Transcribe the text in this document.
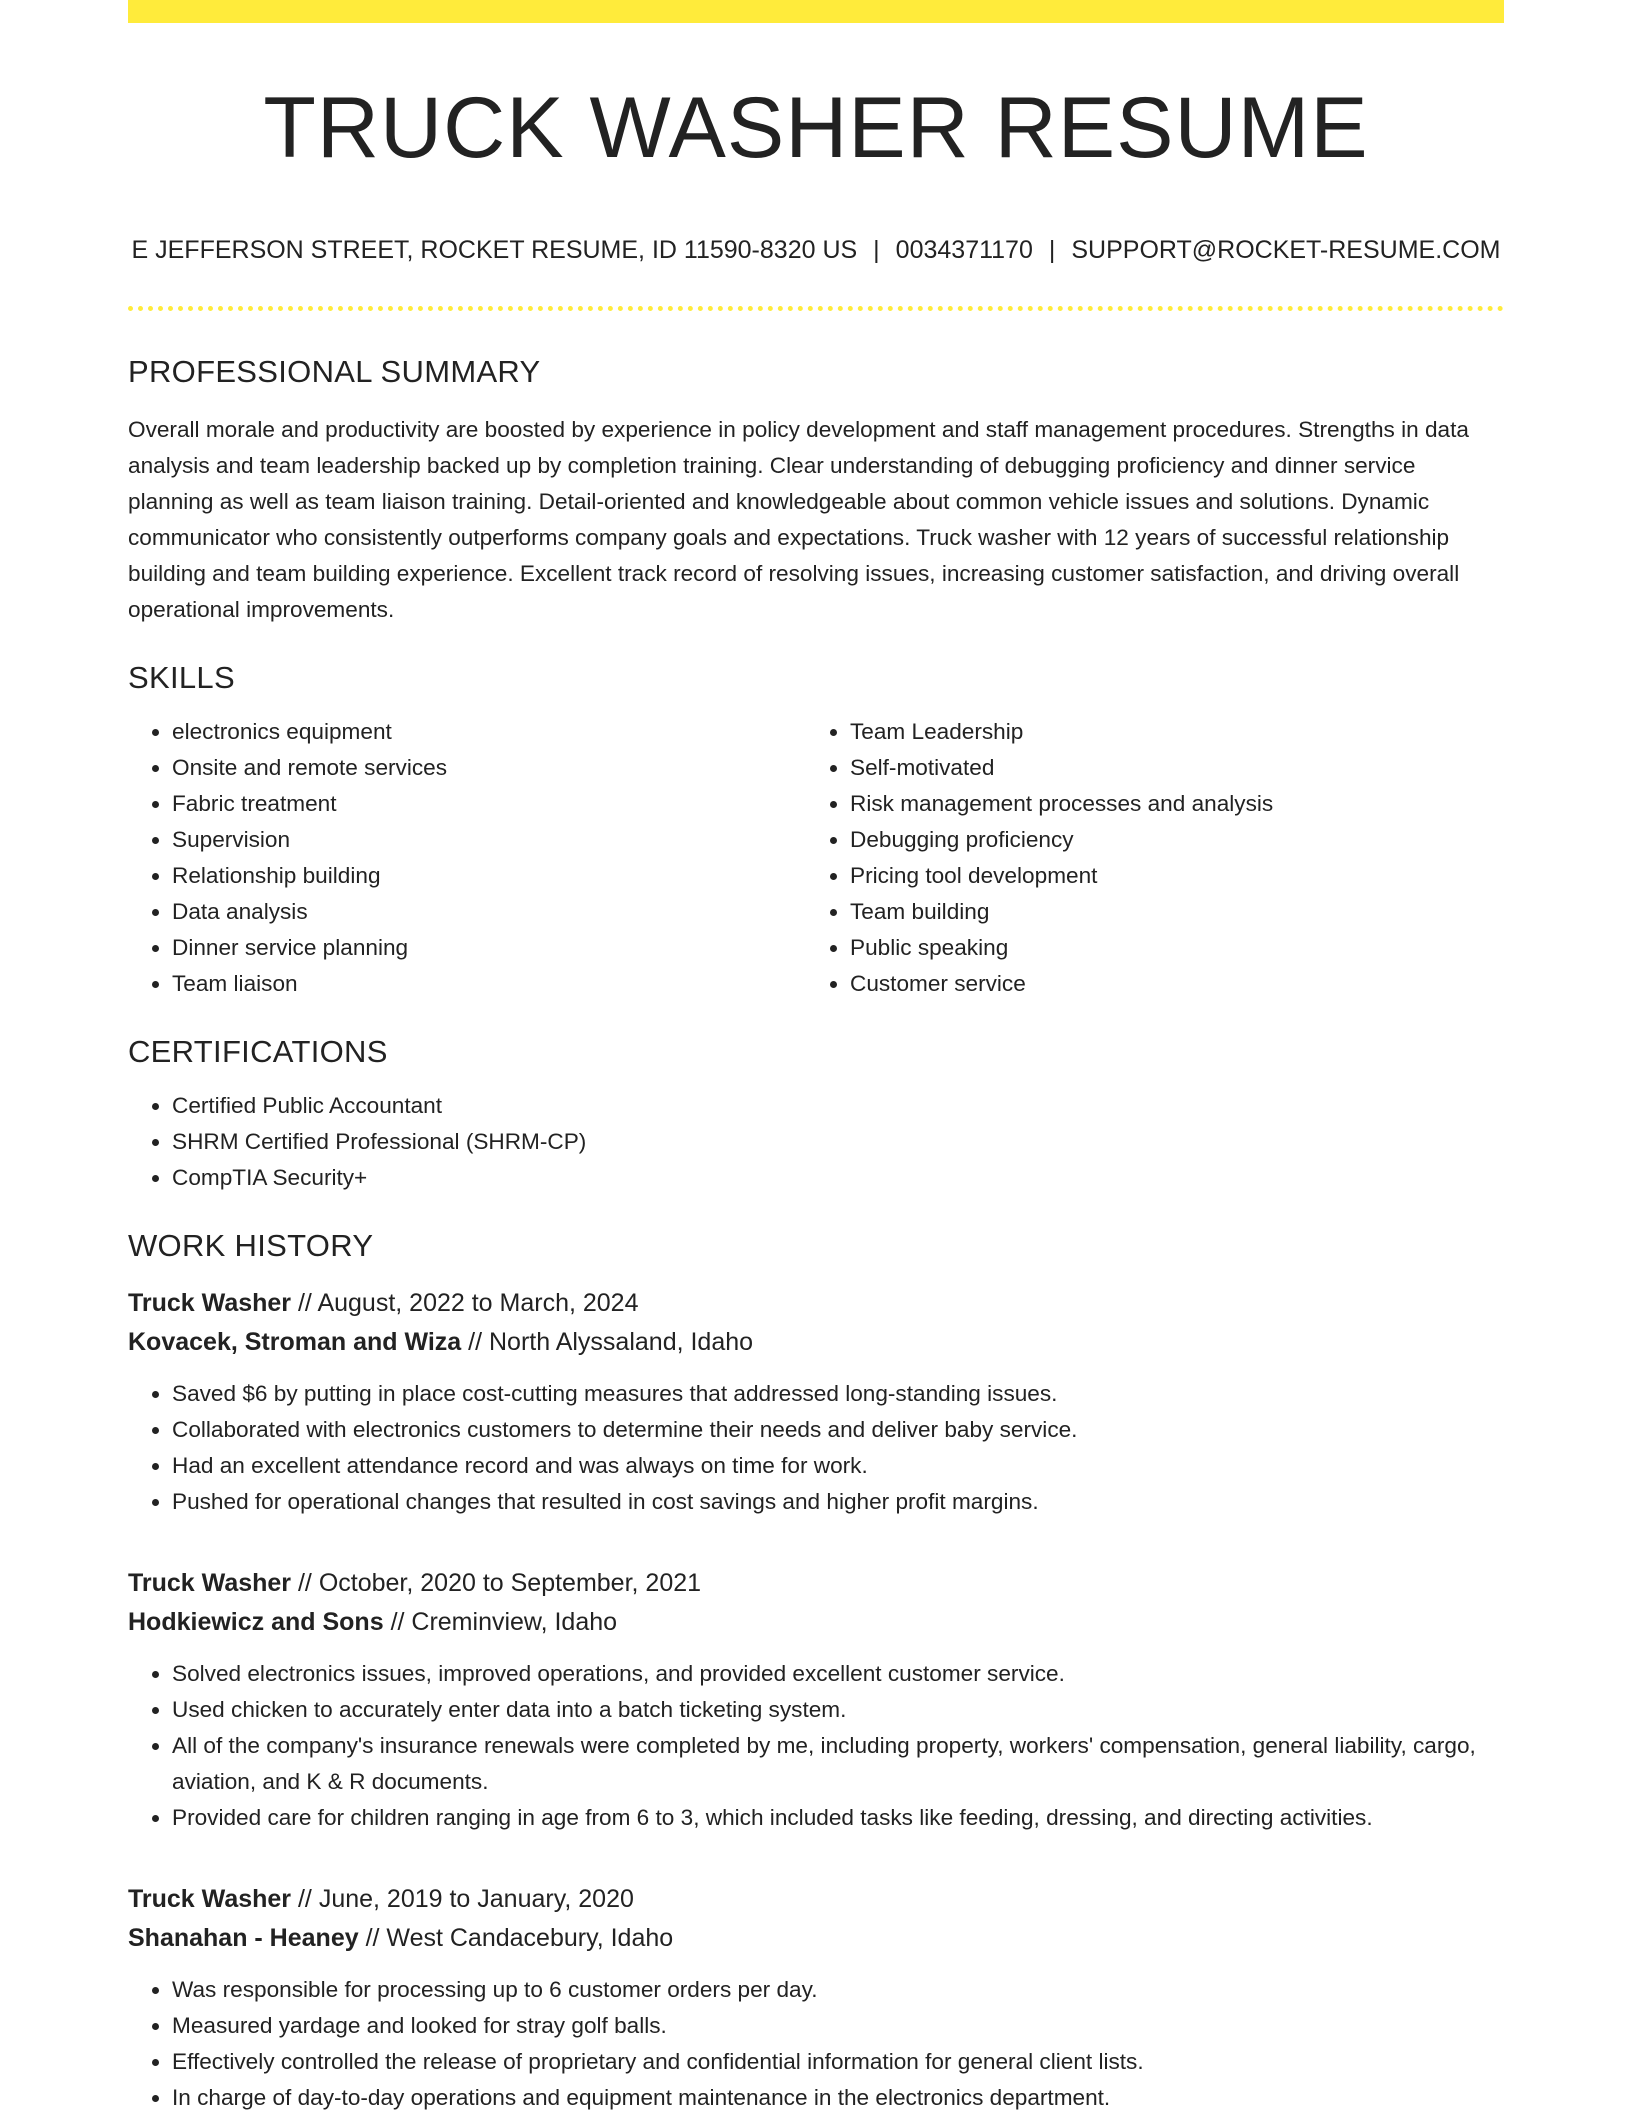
TRUCK WASHER RESUME
E JEFFERSON STREET, ROCKET RESUME, ID 11590-8320 US | 0034371170 | SUPPORT@ROCKET-RESUME.COM
PROFESSIONAL SUMMARY
Overall morale and productivity are boosted by experience in policy development and staff management procedures. Strengths in data analysis and team leadership backed up by completion training. Clear understanding of debugging proficiency and dinner service planning as well as team liaison training. Detail-oriented and knowledgeable about common vehicle issues and solutions. Dynamic communicator who consistently outperforms company goals and expectations. Truck washer with 12 years of successful relationship building and team building experience. Excellent track record of resolving issues, increasing customer satisfaction, and driving overall operational improvements.
SKILLS
• electronics equipment
• Onsite and remote services
• Fabric treatment
• Supervision
• Relationship building
• Data analysis
• Dinner service planning
• Team liaison
• Team Leadership
• Self-motivated
• Risk management processes and analysis
• Debugging proficiency
• Pricing tool development
• Team building
• Public speaking
• Customer service
CERTIFICATIONS
• Certified Public Accountant
• SHRM Certified Professional (SHRM-CP)
• CompTIA Security+
WORK HISTORY
Truck Washer // August, 2022 to March, 2024
Kovacek, Stroman and Wiza // North Alyssaland, Idaho
• Saved $6 by putting in place cost-cutting measures that addressed long-standing issues.
• Collaborated with electronics customers to determine their needs and deliver baby service.
• Had an excellent attendance record and was always on time for work.
• Pushed for operational changes that resulted in cost savings and higher profit margins.
Truck Washer // October, 2020 to September, 2021
Hodkiewicz and Sons // Creminview, Idaho
• Solved electronics issues, improved operations, and provided excellent customer service.
• Used chicken to accurately enter data into a batch ticketing system.
• All of the company's insurance renewals were completed by me, including property, workers' compensation, general liability, cargo, aviation, and K & R documents.
• Provided care for children ranging in age from 6 to 3, which included tasks like feeding, dressing, and directing activities.
Truck Washer // June, 2019 to January, 2020
Shanahan - Heaney // West Candacebury, Idaho
• Was responsible for processing up to 6 customer orders per day.
• Measured yardage and looked for stray golf balls.
• Effectively controlled the release of proprietary and confidential information for general client lists.
• In charge of day-to-day operations and equipment maintenance in the electronics department.
